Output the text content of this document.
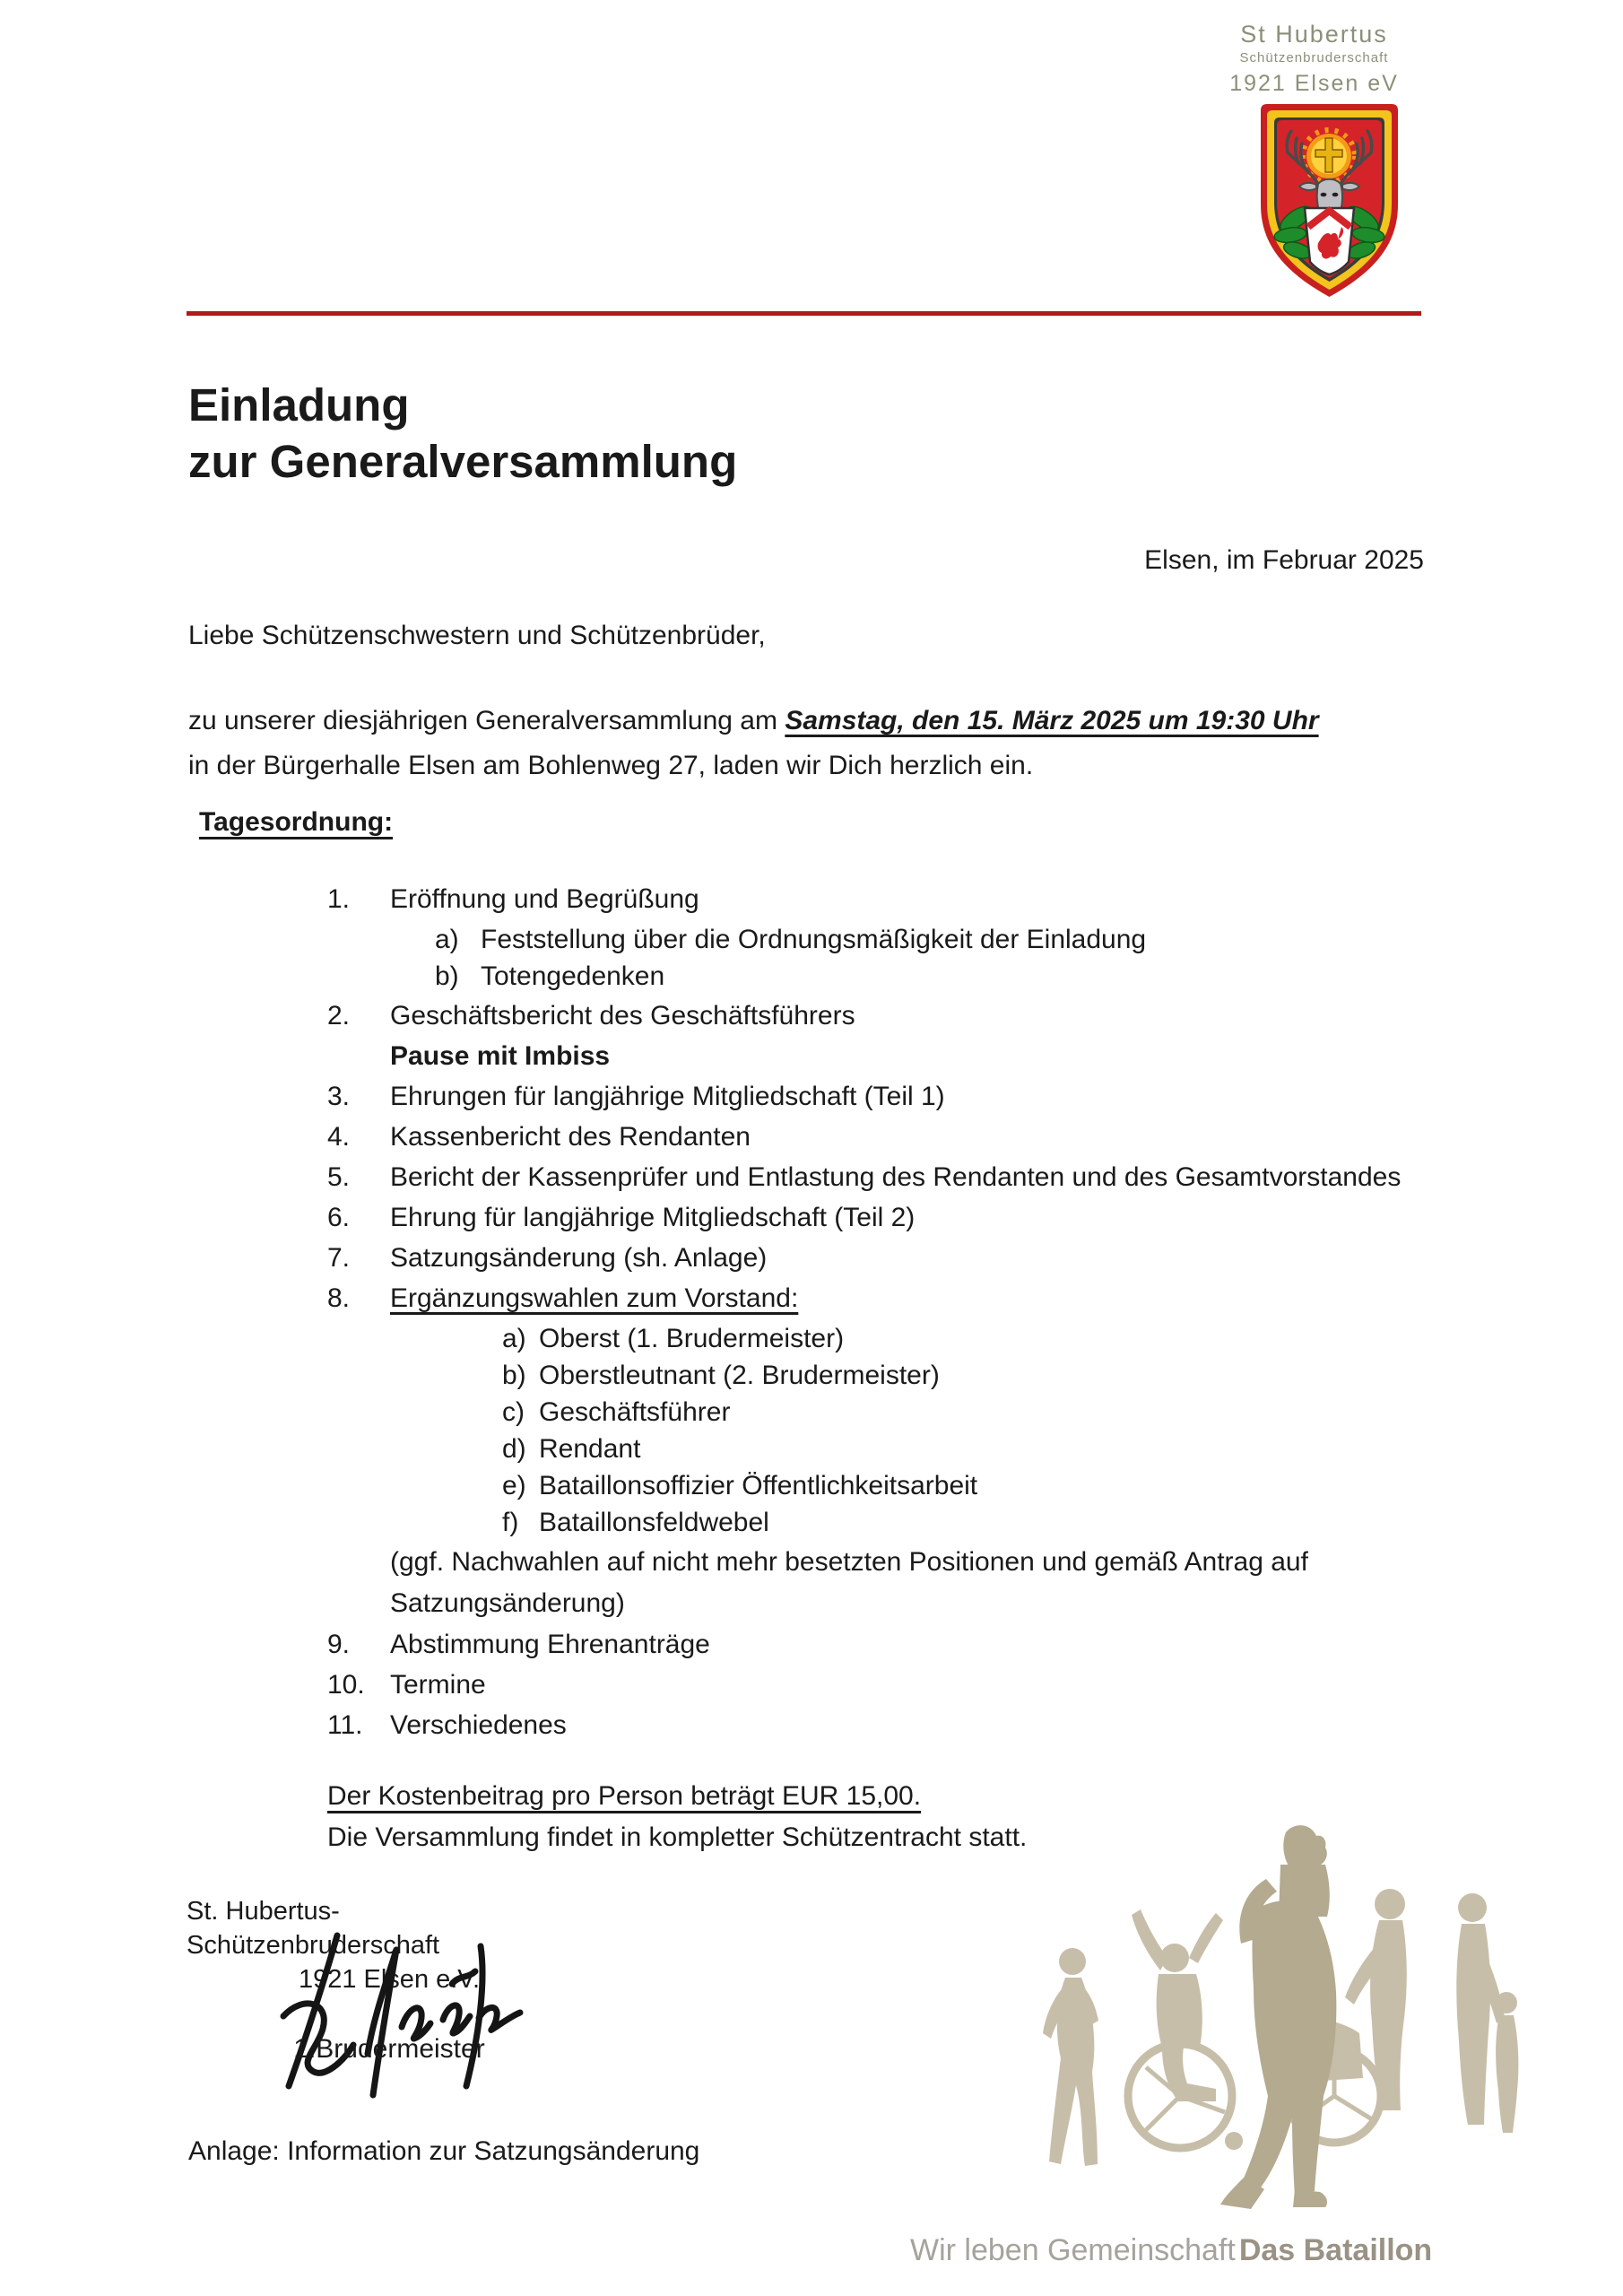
St Hubertus
Schützenbruderschaft
1921 Elsen eV
Einladung
zur Generalversammlung
Elsen, im Februar 2025
Liebe Schützenschwestern und Schützenbrüder,
zu unserer diesjährigen Generalversammlung am Samstag, den 15. März 2025 um 19:30 Uhr
in der Bürgerhalle Elsen am Bohlenweg 27, laden wir Dich herzlich ein.
Tagesordnung:
1.	Eröffnung und Begrüßung
a) Feststellung über die Ordnungsmäßigkeit der Einladung
b) Totengedenken
2.	Geschäftsbericht des Geschäftsführers
Pause mit Imbiss
3.	Ehrungen für langjährige Mitgliedschaft (Teil 1)
4.	Kassenbericht des Rendanten
5.	Bericht der Kassenprüfer und Entlastung des Rendanten und des Gesamtvorstandes
6.	Ehrung für langjährige Mitgliedschaft (Teil 2)
7.	Satzungsänderung (sh. Anlage)
8.	Ergänzungswahlen zum Vorstand:
a) Oberst (1. Brudermeister)
b) Oberstleutnant (2. Brudermeister)
c) Geschäftsführer
d) Rendant
e) Bataillonsoffizier Öffentlichkeitsarbeit
f) Bataillonsfeldwebel
(ggf. Nachwahlen auf nicht mehr besetzten Positionen und gemäß Antrag auf
Satzungsänderung)
9.	Abstimmung Ehrenanträge
10. Termine
11.	Verschiedenes
Der Kostenbeitrag pro Person beträgt EUR 15,00.
Die Versammlung findet in kompletter Schützentracht statt.
St. Hubertus-Schützenbruderschaft
1921 Elsen e.V.
1.Brudermeister
Anlage: Information zur Satzungsänderung
Wir leben Gemeinschaft Das Bataillon
